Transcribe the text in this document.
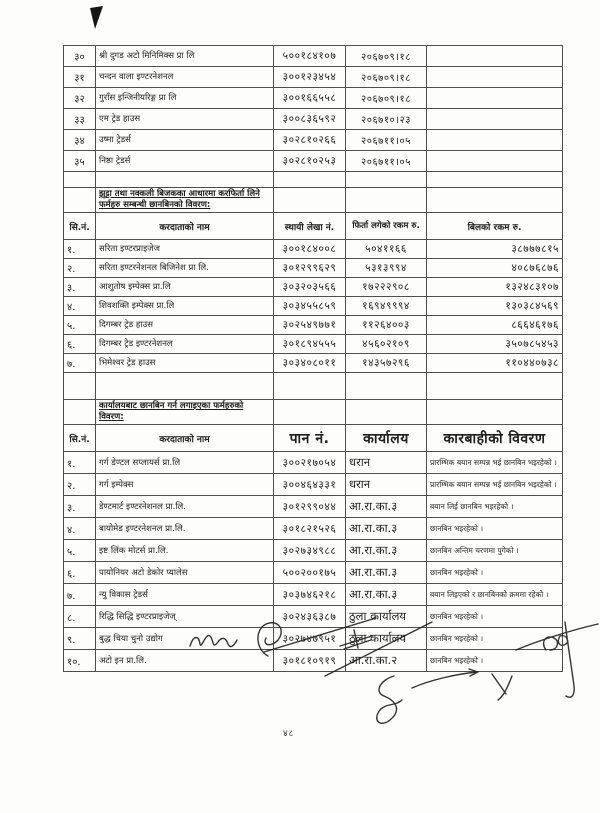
३०	श्री दुगड अटो मिनिमिक्स प्रा लि	५००१८४१०७	२०६७०९।१८	
३१	चन्दन वाला इण्टरनेशनल	३००१२३४५४	२०६७०९।१८	
३२	गुराँस इन्जिनीयरिङ्ग प्रा लि	३००१६६५५८	२०६७०९।१८	
३३	एम ट्रेड हाउस	३००८३६५९२	२०६७१०।२३	
३४	उष्मा ट्रेडर्स	३०२८१०२६६	२०६७११।०५	
३५	निष्ठा ट्रेडर्स	३०२८१०२५३	२०६७११।०५	

	झुट्टा तथा नक्कली बिजकका आधारमा करफिर्ता लिने फर्महरु सम्बन्धी छानबिनको विवरण:			
सि.नं.	करदाताको नाम	स्थायी लेखा नं.	फिर्ता लगेको रकम रु.	बिलको रकम रु.
१.	सरिता इण्टरप्राइजेज	३००१८४००८	५०४११६६	३८७७७८१५
२.	सरिता इण्टरनेशनल बिजिनेश प्रा लि.	३०१२९९६२९	५३१३९९४	४०८७६८७६
३.	आशुतोष इम्पेक्स प्रा.लि	३०३२०३५६६	१७२२२९०८	१३२४८३१०७
४.	शिवशक्ति इम्पेक्स प्रा.लि	३०३४५५८५९	१६९४९९९४	१३०३८४५६९
५.	दिगम्बर ट्रेड हाउस	३०२५४९७७१	११२६४००३	८६६४६१७६
६.	दिगम्बर ट्रेड इण्टरनेशनल	३०१८९४५५५	४५६०२१०९	३५०७८५४५३
७.	भिमेश्वर ट्रेड हाउस	३०३४०८०११	१४३५७२९६	११०४४०७३८

	कार्यालयबाट छानबिन गर्न लगाइएका फर्महरुको विवरण:			
सि.नं.	करदाताको नाम	पान नं.	कार्यालय	कारबाहीको विवरण
१.	गर्ग डेण्टल सप्लायर्स प्रा.लि	३००२१७०५४	धरान	प्रारम्भिक बयान सम्पन्न भई छानबिन भइरहेको ।
२.	गर्ग इम्पेक्स	३००४६४३३१	धरान	प्रारम्भिक बयान सम्पन्न भई छानबिन भइरहेको ।
३.	डेण्टमार्ट इण्टरनेशनल प्रा.लि.	३०१२९९०४४	आ.रा.का.३	बयान लिई छानबिन भइरहेको ।
४.	बायोमेड इण्टरनेशनल प्रा.लि.	३०१८२१५२६	आ.रा.का.३	छानबिन भइरहेको ।
५.	इष्ट लिंक मोटर्स प्रा.लि.	३०२७३४९८८	आ.रा.का.३	छानबिन अन्तिम चरणमा पुगेको ।
६.	पायोनियर अटो डेकोर प्यालेस	५००२००१७५	आ.रा.का.३	छानबिन भइरहेको ।
७.	न्यु विकास ट्रेडर्स	३०३७४६२१८	आ.रा.का.३	बयान लिइएको र छानबिनको क्रममा रहेको ।
८.	रिद्धि सिद्धि इण्टरप्राइजेज्	३०२४३६३८७	ठुला कार्यालय	छानबिन भइरहेको ।
९.	बुद्ध चिया चुनो उद्योग	३०२७४७९५१	ठुला कार्यालय	छानबिन भइरहेको ।
१०.	अटो इन प्रा.लि.	३०१८१०९१९	आ.रा.का.२	छानबिन भइरहेको ।
४८
